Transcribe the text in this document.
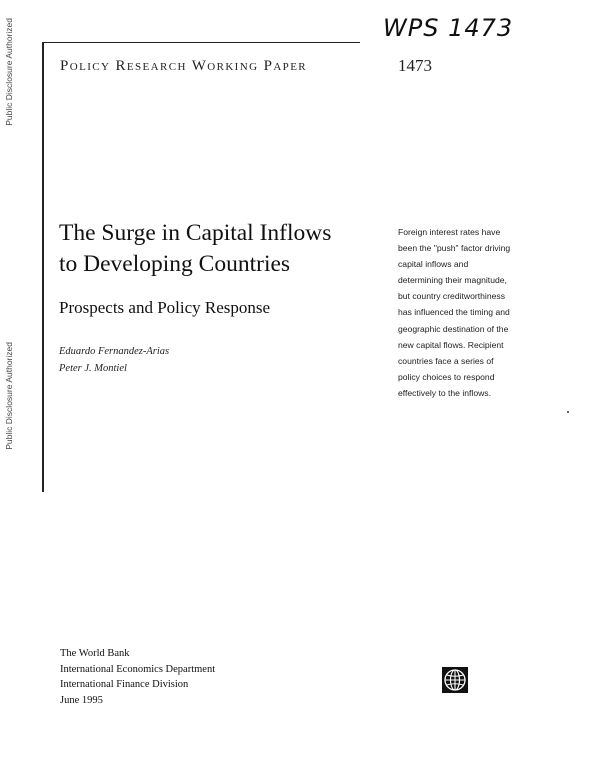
Public Disclosure Authorized
Public Disclosure Authorized
WPS 1473
Policy Research Working Paper	1473
The Surge in Capital Inflows
to Developing Countries
Prospects and Policy Response
Eduardo Fernandez-Arias
Peter J. Montiel
Foreign interest rates have
been the "push" factor driving
capital inflows and
determining their magnitude,
but country creditworthiness
has influenced the timing and
geographic destination of the
new capital flows. Recipient
countries face a series of
policy choices to respond
effectively to the inflows.
The World Bank
International Economics Department
International Finance Division
June 1995
